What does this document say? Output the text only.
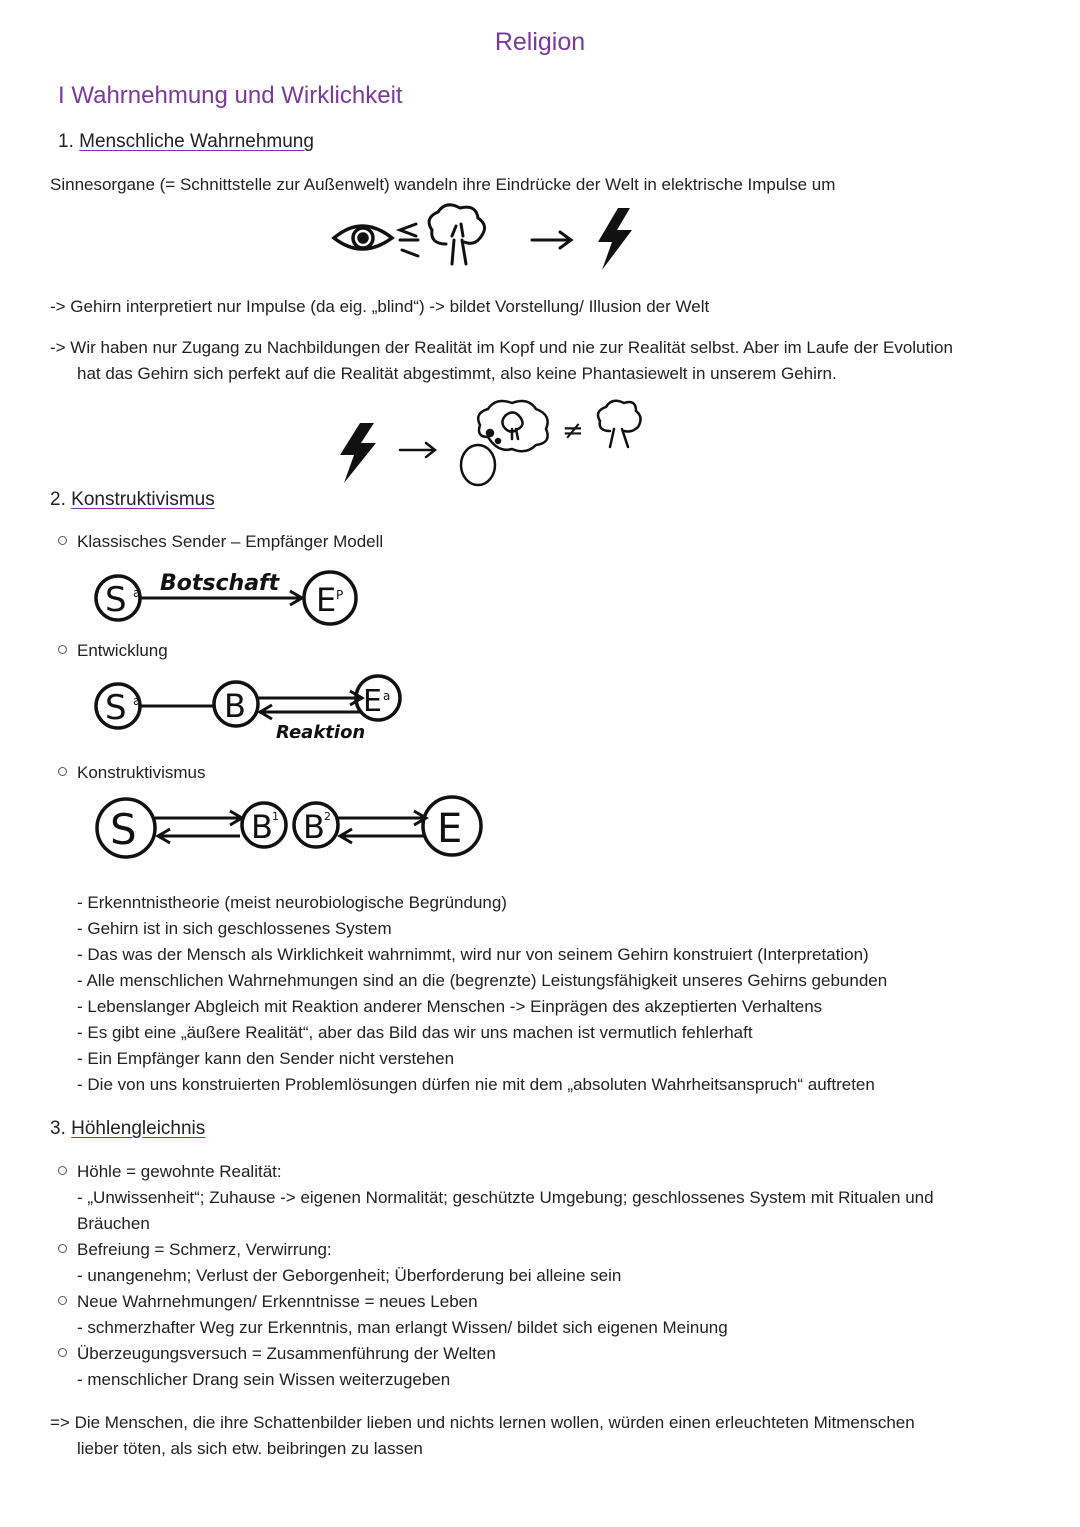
Religion
I Wahrnehmung und Wirklichkeit
1. Menschliche Wahrnehmung
Sinnesorgane (= Schnittstelle zur Außenwelt) wandeln ihre Eindrücke der Welt in elektrische Impulse um
-> Gehirn interpretiert nur Impulse (da eig. „blind“) -> bildet Vorstellung/ Illusion der Welt
-> Wir haben nur Zugang zu Nachbildungen der Realität im Kopf und nie zur Realität selbst. Aber im Laufe der Evolution
hat das Gehirn sich perfekt auf die Realität abgestimmt, also keine Phantasiewelt in unserem Gehirn.
≠
2. Konstruktivismus
Klassisches Sender – Empfänger Modell
S a Botschaft E P
Entwicklung
S a	B	E a
Reaktion
Konstruktivismus
S	B 1 B 2	E
- Erkenntnistheorie (meist neurobiologische Begründung)
- Gehirn ist in sich geschlossenes System
- Das was der Mensch als Wirklichkeit wahrnimmt, wird nur von seinem Gehirn konstruiert (Interpretation)
- Alle menschlichen Wahrnehmungen sind an die (begrenzte) Leistungsfähigkeit unseres Gehirns gebunden
- Lebenslanger Abgleich mit Reaktion anderer Menschen -> Einprägen des akzeptierten Verhaltens
- Es gibt eine „äußere Realität“, aber das Bild das wir uns machen ist vermutlich fehlerhaft
- Ein Empfänger kann den Sender nicht verstehen
- Die von uns konstruierten Problemlösungen dürfen nie mit dem „absoluten Wahrheitsanspruch“ auftreten
3. Höhlengleichnis
Höhle = gewohnte Realität:
- „Unwissenheit“; Zuhause -> eigenen Normalität; geschützte Umgebung; geschlossenes System mit Ritualen und
Bräuchen
Befreiung = Schmerz, Verwirrung:
- unangenehm; Verlust der Geborgenheit; Überforderung bei alleine sein
Neue Wahrnehmungen/ Erkenntnisse = neues Leben
- schmerzhafter Weg zur Erkenntnis, man erlangt Wissen/ bildet sich eigenen Meinung
Überzeugungsversuch = Zusammenführung der Welten
- menschlicher Drang sein Wissen weiterzugeben
=> Die Menschen, die ihre Schattenbilder lieben und nichts lernen wollen, würden einen erleuchteten Mitmenschen
lieber töten, als sich etw. beibringen zu lassen
